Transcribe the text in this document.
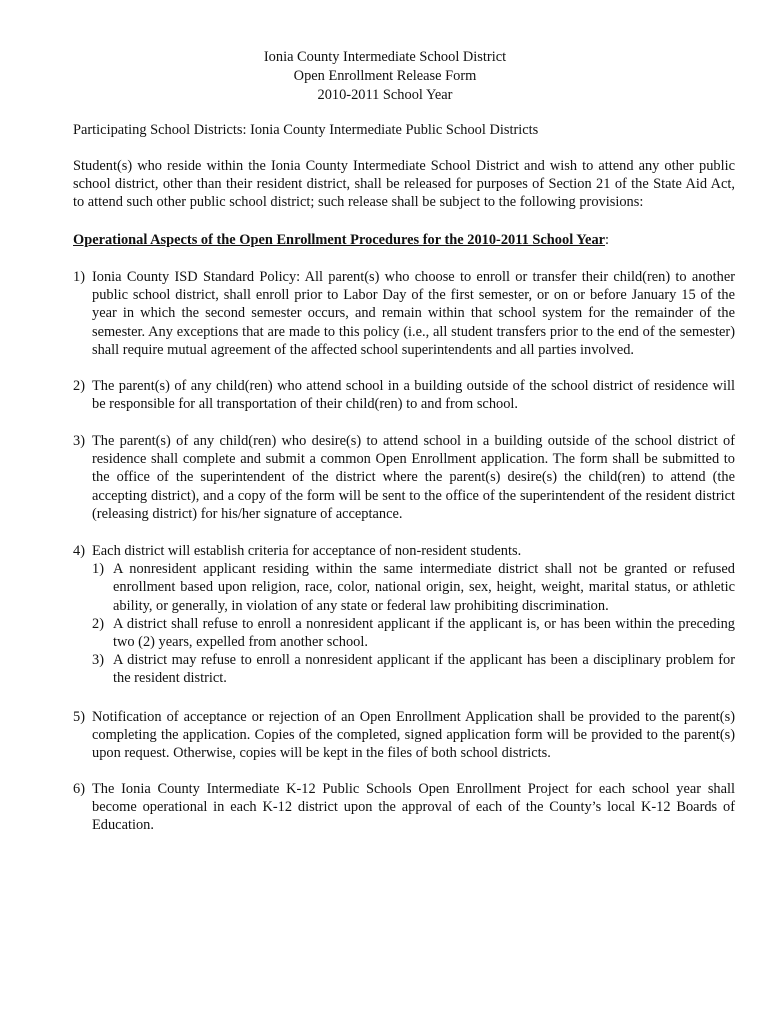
Ionia County Intermediate School District
Open Enrollment Release Form
2010-2011 School Year
Participating School Districts: Ionia County Intermediate Public School Districts
Student(s) who reside within the Ionia County Intermediate School District and wish to attend any other public school district, other than their resident district, shall be released for purposes of Section 21 of the State Aid Act, to attend such other public school district; such release shall be subject to the following provisions:
Operational Aspects of the Open Enrollment Procedures for the 2010-2011 School Year:
1) Ionia County ISD Standard Policy: All parent(s) who choose to enroll or transfer their child(ren) to another public school district, shall enroll prior to Labor Day of the first semester, or on or before January 15 of the year in which the second semester occurs, and remain within that school system for the remainder of the semester. Any exceptions that are made to this policy (i.e., all student transfers prior to the end of the semester) shall require mutual agreement of the affected school superintendents and all parties involved.
2) The parent(s) of any child(ren) who attend school in a building outside of the school district of residence will be responsible for all transportation of their child(ren) to and from school.
3) The parent(s) of any child(ren) who desire(s) to attend school in a building outside of the school district of residence shall complete and submit a common Open Enrollment application. The form shall be submitted to the office of the superintendent of the district where the parent(s) desire(s) the child(ren) to attend (the accepting district), and a copy of the form will be sent to the office of the superintendent of the resident district (releasing district) for his/her signature of acceptance.
4) Each district will establish criteria for acceptance of non-resident students.
1) A nonresident applicant residing within the same intermediate district shall not be granted or refused enrollment based upon religion, race, color, national origin, sex, height, weight, marital status, or athletic ability, or generally, in violation of any state or federal law prohibiting discrimination.
2) A district shall refuse to enroll a nonresident applicant if the applicant is, or has been within the preceding two (2) years, expelled from another school.
3) A district may refuse to enroll a nonresident applicant if the applicant has been a disciplinary problem for the resident district.
5) Notification of acceptance or rejection of an Open Enrollment Application shall be provided to the parent(s) completing the application. Copies of the completed, signed application form will be provided to the parent(s) upon request. Otherwise, copies will be kept in the files of both school districts.
6) The Ionia County Intermediate K-12 Public Schools Open Enrollment Project for each school year shall become operational in each K-12 district upon the approval of each of the County’s local K-12 Boards of Education.
